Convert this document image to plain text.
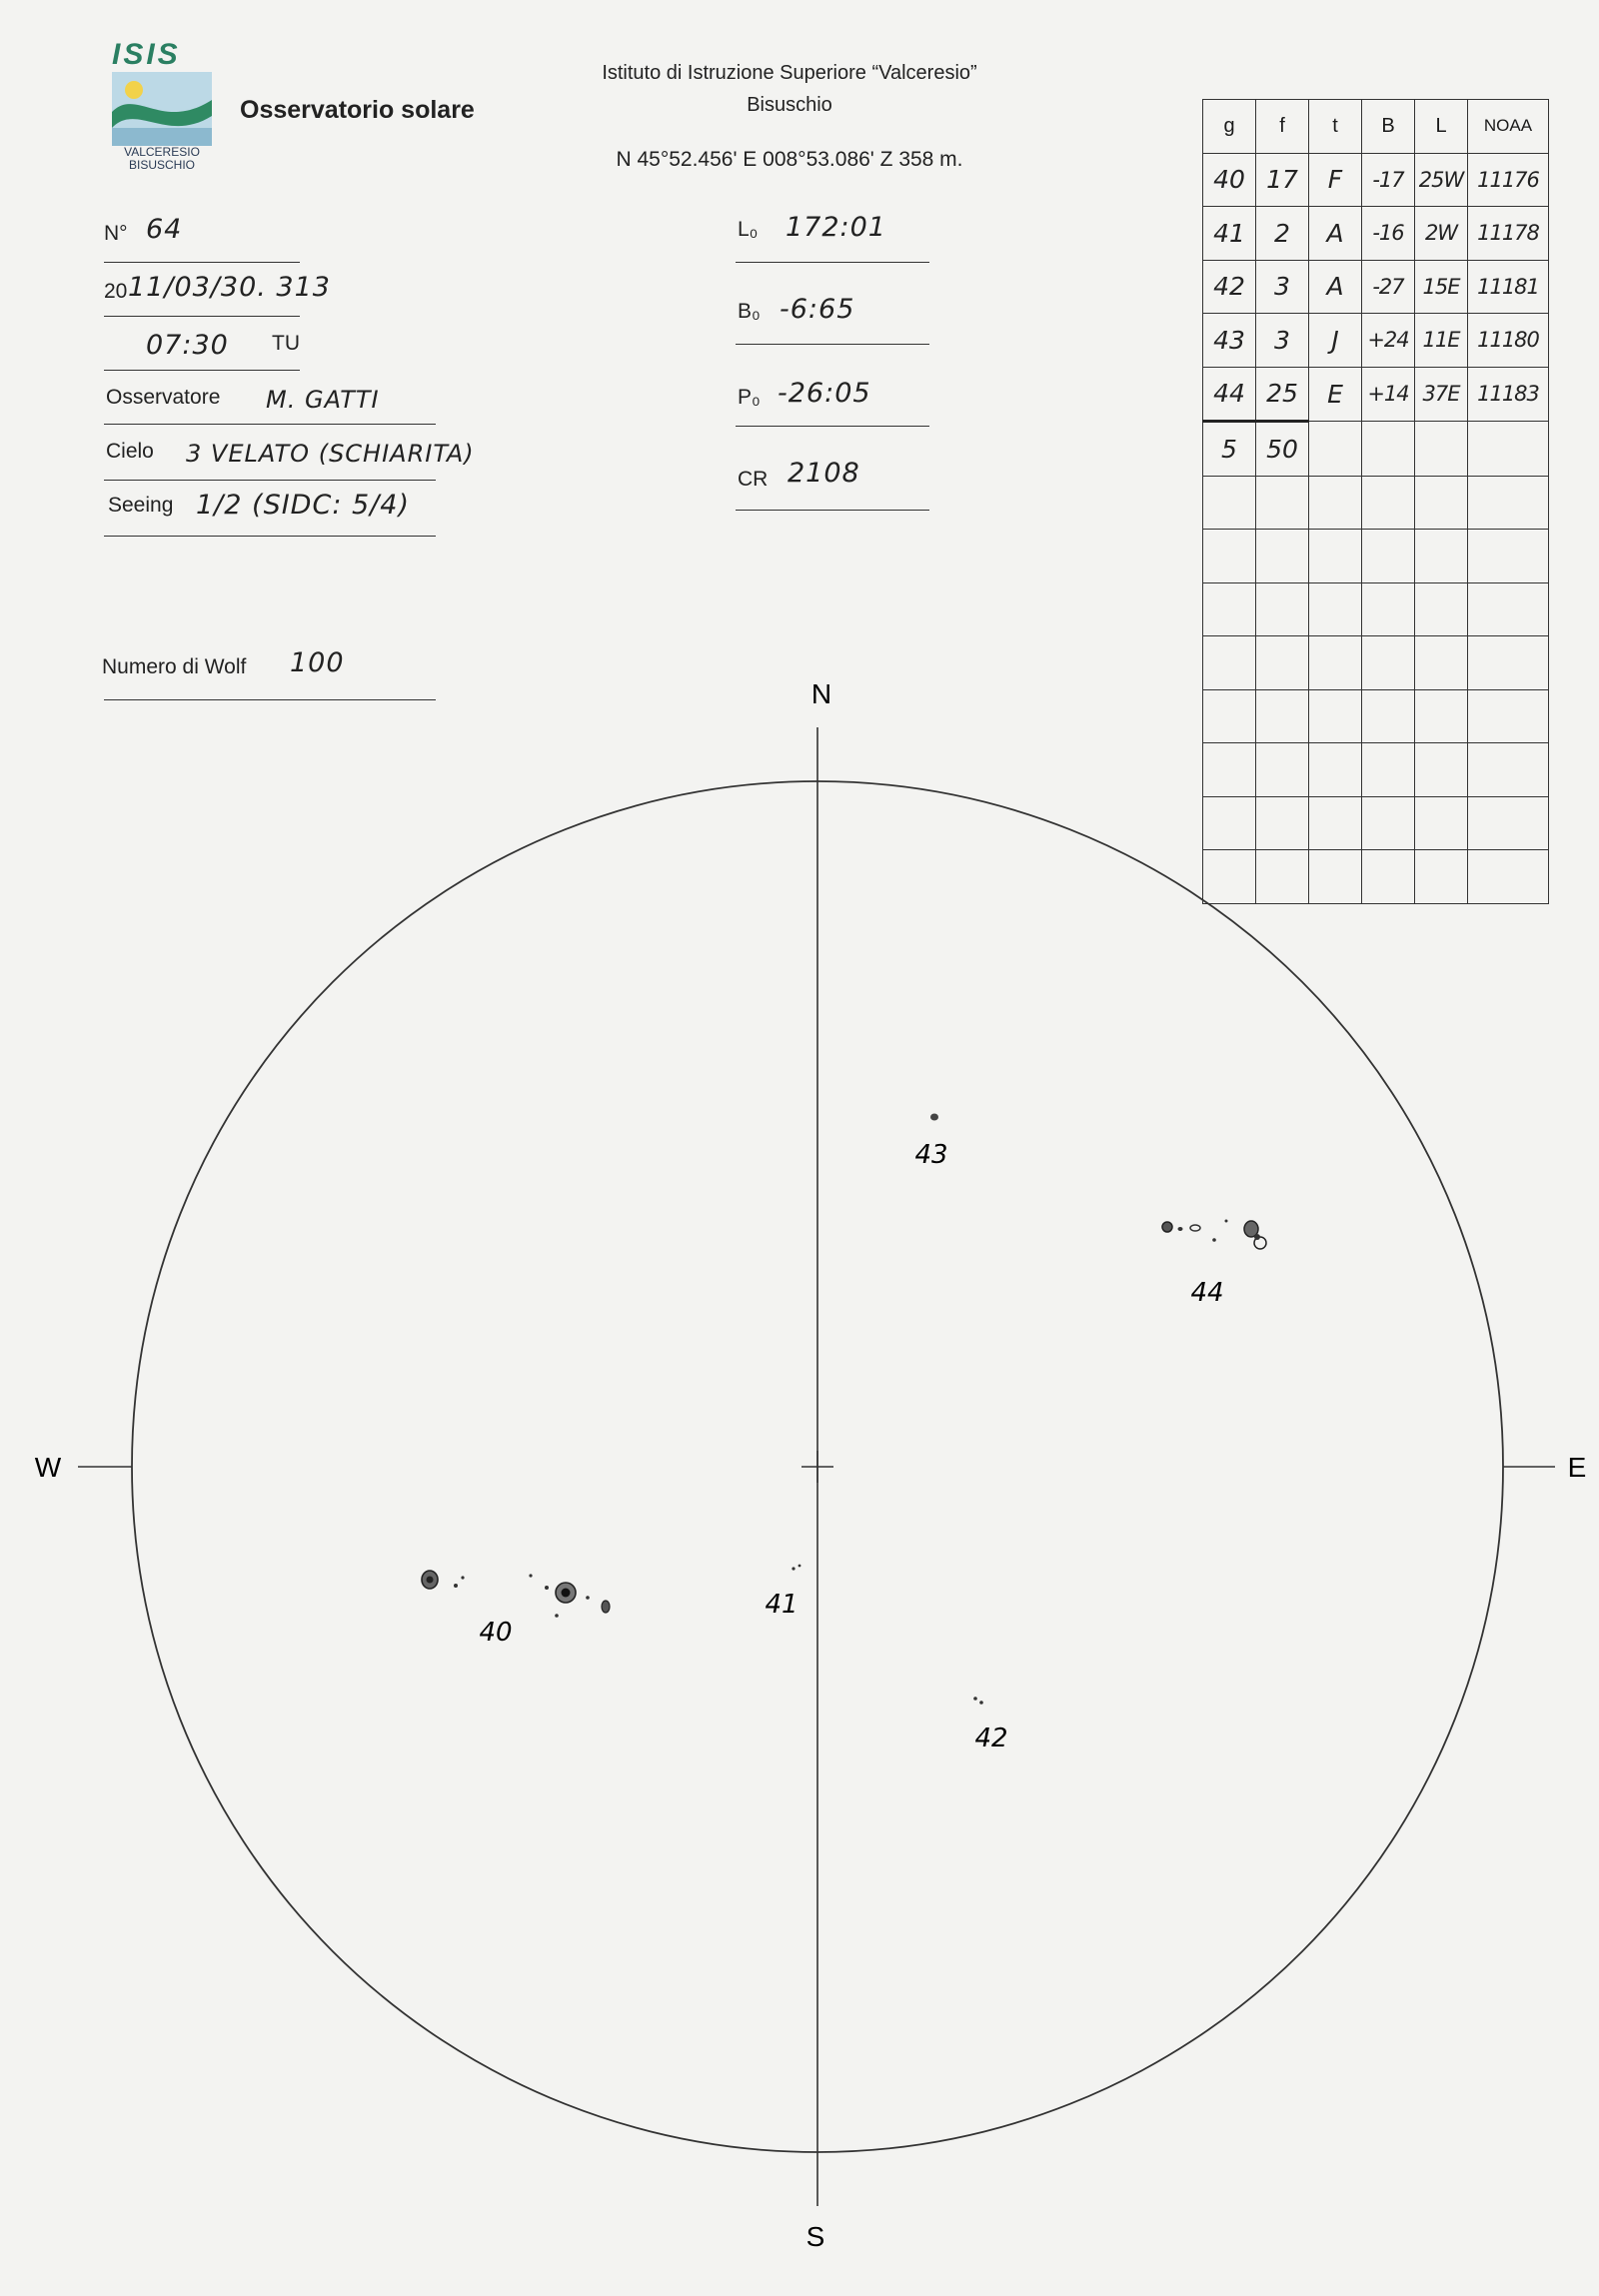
ISIS
VALCERESIO
BISUSCHIO
Osservatorio solare
Istituto di Istruzione Superiore “Valceresio”
Bisuschio
N 45°52.456' E 008°53.086' Z 358 m.
N° 64
20 11/03/30. 313
07:30 TU
Osservatore M. GATTI
Cielo 3 VELATO (SCHIARITA)
Seeing 1/2 (SIDC: 5/4)
Numero di Wolf 100
L₀ 172:01
B₀ -6:65
P₀ -26:05
CR 2108
g	f	t	B	L	NOAA
40	17	F	-17	25W	11176
41	2	A	-16	2W	11178
42	3	A	-27	15E	11181
43	3	J	+24	11E	11180
44	25	E	+14	37E	11183
5	50				

N
S
W	E
43
44
40
41
42
